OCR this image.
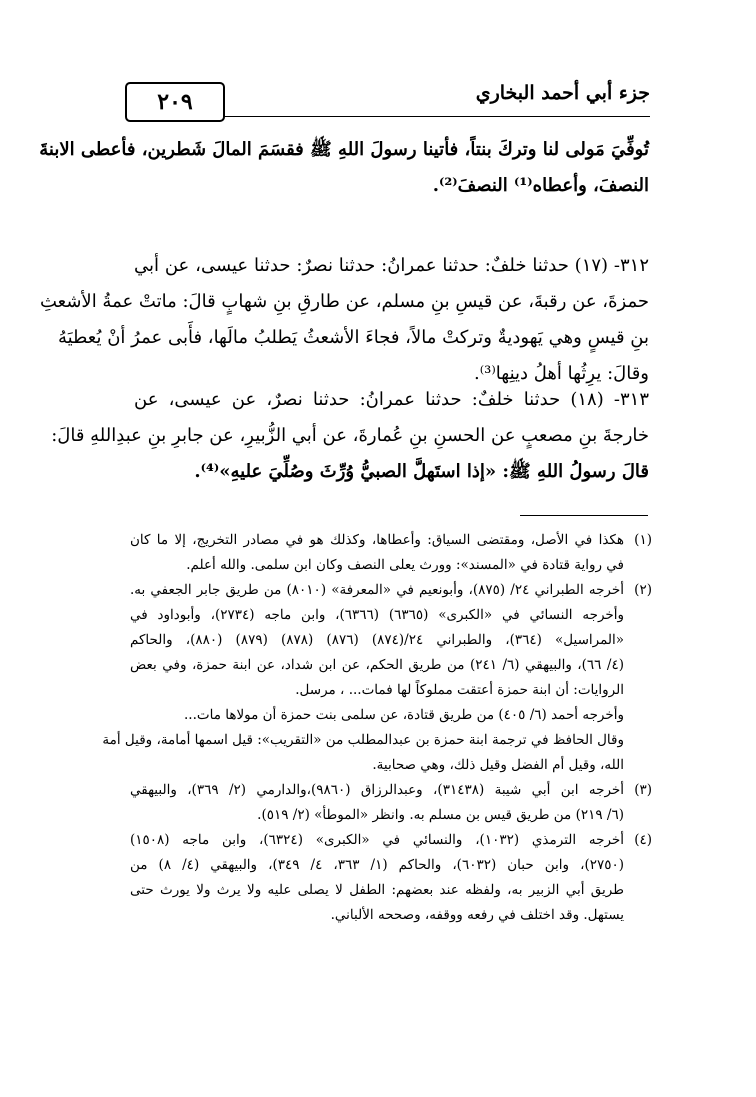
٢٠٩	جزء أبي أحمد البخاري
تُوفِّيَ مَولى لنا وتركَ بنتاً، فأتينا رسولَ اللهِ ﷺ فقسَمَ المالَ شَطرين، فأعطى الابنةَ
النصفَ، وأعطاه⁽¹⁾ النصفَ⁽²⁾.
٣١٢- (١٧) حدثنا خلفٌ: حدثنا عمرانُ: حدثنا نصرٌ: حدثنا عيسى، عن أبي
حمزةَ، عن رقبةَ، عن قيسِ بنِ مسلم، عن طارقِ بنِ شهابٍ قالَ: ماتتْ عمةُ الأشعثِ
بنِ قيسٍ وهي يَهوديةٌ وتركتْ مالاً، فجاءَ الأشعثُ يَطلبُ مالَها، فأَبى عمرُ أنْ يُعطيَهُ
وقالَ: يرِثُها أهلُ دينِها⁽³⁾.
٣١٣- (١٨) حدثنا خلفٌ: حدثنا عمرانُ: حدثنا نصرٌ، عن عيسى، عن
خارجةَ بنِ مصعبٍ عن الحسنِ بنِ عُمارةَ، عن أبي الزُّبيرِ، عن جابرِ بنِ عبدِاللهِ قالَ:
قالَ رسولُ اللهِ ﷺ: «إذا استَهلَّ الصبيُّ وُرِّثَ وصُلِّيَ عليهِ»⁽⁴⁾.
(١)هكذا في الأصل، ومقتضى السياق: وأعطاها، وكذلك هو في مصادر التخريج، إلا ما كان
في رواية قتادة في «المسند»: وورث يعلى النصف وكان ابن سلمى. والله أعلم.
(٢)أخرجه الطبراني ٢٤/ (٨٧٥)، وأبونعيم في «المعرفة» (٨٠١٠) من طريق جابر الجعفي به.
وأخرجه النسائي في «الكبرى» (٦٣٦٥) (٦٣٦٦)، وابن ماجه (٢٧٣٤)، وأبوداود في
«المراسيل» (٣٦٤)، والطبراني ٢٤/(٨٧٤) (٨٧٦) (٨٧٨) (٨٧٩) (٨٨٠)، والحاكم
(٤/ ٦٦)، والبيهقي (٦/ ٢٤١) من طريق الحكم، عن ابن شداد، عن ابنة حمزة، وفي بعض
الروايات: أن ابنة حمزة أعتقت مملوكاً لها فمات... ، مرسل.
وأخرجه أحمد (٦/ ٤٠٥) من طريق قتادة، عن سلمى بنت حمزة أن مولاها مات...
وقال الحافظ في ترجمة ابنة حمزة بن عبدالمطلب من «التقريب»: قيل اسمها أمامة، وقيل أمة
الله، وقيل أم الفضل وقيل ذلك، وهي صحابية.
(٣)أخرجه ابن أبي شيبة (٣١٤٣٨)، وعبدالرزاق (٩٨٦٠)،والدارمي (٢/ ٣٦٩)، والبيهقي
(٦/ ٢١٩) من طريق قيس بن مسلم به. وانظر «الموطأ» (٢/ ٥١٩).
(٤)أخرجه الترمذي (١٠٣٢)، والنسائي في «الكبرى» (٦٣٢٤)، وابن ماجه (١٥٠٨)
(٢٧٥٠)، وابن حبان (٦٠٣٢)، والحاكم (١/ ٣٦٣، ٤/ ٣٤٩)، والبيهقي (٤/ ٨) من
طريق أبي الزبير به، ولفظه عند بعضهم: الطفل لا يصلى عليه ولا يرث ولا يورث حتى
يستهل. وقد اختلف في رفعه ووقفه، وصححه الألباني.
